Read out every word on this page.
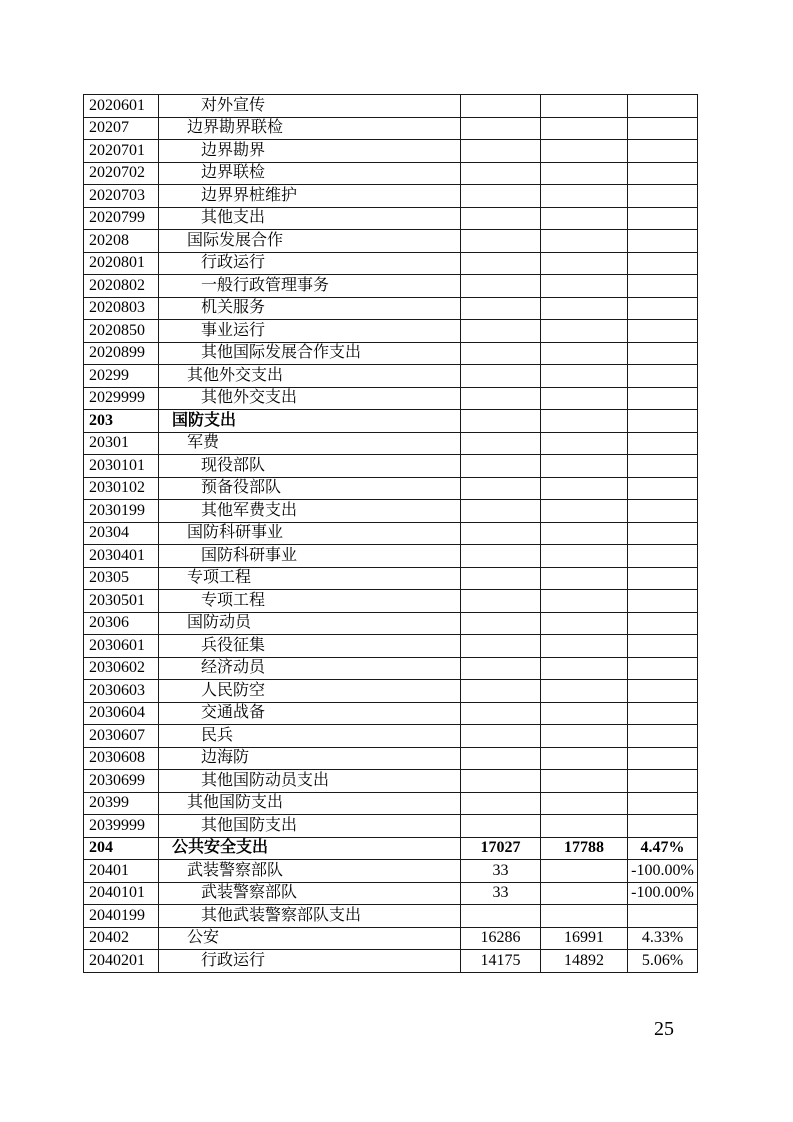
2020601	对外宣传			
20207	边界勘界联检			
2020701	边界勘界			
2020702	边界联检			
2020703	边界界桩维护			
2020799	其他支出			
20208	国际发展合作			
2020801	行政运行			
2020802	一般行政管理事务			
2020803	机关服务			
2020850	事业运行			
2020899	其他国际发展合作支出			
20299	其他外交支出			
2029999	其他外交支出			
203	国防支出			
20301	军费			
2030101	现役部队			
2030102	预备役部队			
2030199	其他军费支出			
20304	国防科研事业			
2030401	国防科研事业			
20305	专项工程			
2030501	专项工程			
20306	国防动员			
2030601	兵役征集			
2030602	经济动员			
2030603	人民防空			
2030604	交通战备			
2030607	民兵			
2030608	边海防			
2030699	其他国防动员支出			
20399	其他国防支出			
2039999	其他国防支出			
204	公共安全支出	17027	17788	4.47%
20401	武装警察部队	33		-100.00%
2040101	武装警察部队	33		-100.00%
2040199	其他武装警察部队支出			
20402	公安	16286	16991	4.33%
2040201	行政运行	14175	14892	5.06%
25
